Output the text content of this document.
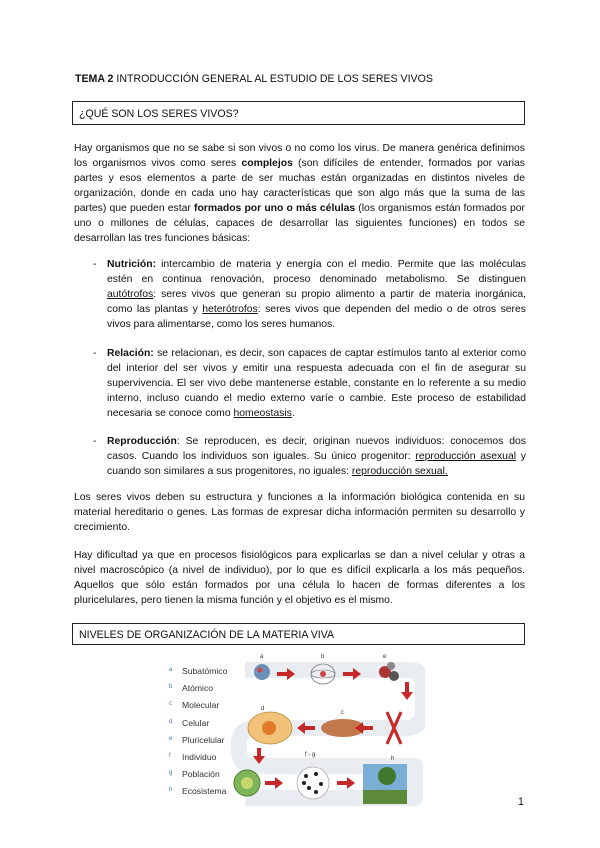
TEMA 2 INTRODUCCIÓN GENERAL AL ESTUDIO DE LOS SERES VIVOS
¿QUÉ SON LOS SERES VIVOS?

Hay organismos que no se sabe si son vivos o no como los virus. De manera genérica definimos los organismos vivos como seres complejos (son difíciles de entender, formados por varias partes y esos elementos a parte de ser muchas están organizadas en distintos niveles de organización, donde en cada uno hay características que son algo más que la suma de las partes) que pueden estar formados por uno o más células (los organismos están formados por uno o millones de células, capaces de desarrollar las siguientes funciones) en todos se desarrollan las tres funciones básicas:

- Nutrición: intercambio de materia y energía con el medio. Permite que las moléculas estén en continua renovación, proceso denominado metabolismo. Se distinguen autótrofos: seres vivos que generan su propio alimento a partir de materia inorgánica, como las plantas y heterótrofos: seres vivos que dependen del medio o de otros seres vivos para alimentarse, como los seres humanos.
- Relación: se relacionan, es decir, son capaces de captar estímulos tanto al exterior como del interior del ser vivos y emitir una respuesta adecuada con el fin de asegurar su supervivencia. El ser vivo debe mantenerse estable, constante en lo referente a su medio interno, incluso cuando el medio externo varíe o cambie. Este proceso de estabilidad necesaria se conoce como homeostasis.
- Reproducción: Se reproducen, es decir, originan nuevos individuos: conocemos dos casos. Cuando los individuos son iguales. Su único progenitor: reproducción asexual y cuando son similares a sus progenitores, no iguales: reproducción sexual.

Los seres vivos deben su estructura y funciones a la información biológica contenida en su material hereditario o genes. Las formas de expresar dicha información permiten su desarrollo y crecimiento.

Hay dificultad ya que en procesos fisiológicos para explicarlas se dan a nivel celular y otras a nivel macroscópico (a nivel de individuo), por lo que es difícil explicarla a los más pequeños. Aquellos que sólo están formados por una célula lo hacen de formas diferentes a los pluricelulares, pero tienen la misma función y el objetivo es el mismo.

NIVELES DE ORGANIZACIÓN DE LA MATERIA VIVA
a	b	e
d
c
f - g
h
a Subatómico
b Atómico
c Molecular
d Celular
e Pluricelular
f Individuo
g Población
h Ecosistema
1
